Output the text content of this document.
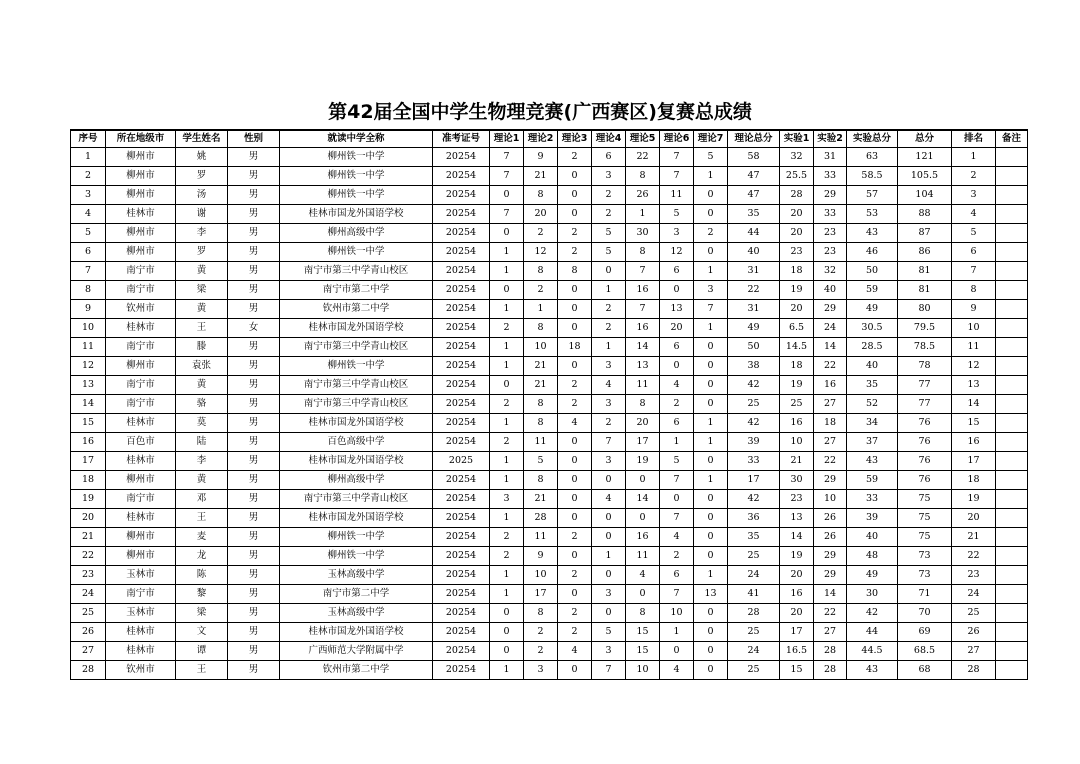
第42届全国中学生物理竞赛(广西赛区)复赛总成绩
序号	所在地级市	学生姓名	性别	就读中学全称	准考证号	理论1	理论2	理论3	理论4	理论5	理论6	理论7	理论总分	实验1	实验2	实验总分	总分	排名	备注
1	柳州市	姚	男	柳州铁一中学	20254	7	9	2	6	22	7	5	58	32	31	63	121	1	
2	柳州市	罗	男	柳州铁一中学	20254	7	21	0	3	8	7	1	47	25.5	33	58.5	105.5	2	
3	柳州市	汤	男	柳州铁一中学	20254	0	8	0	2	26	11	0	47	28	29	57	104	3	
4	桂林市	谢	男	桂林市国龙外国语学校	20254	7	20	0	2	1	5	0	35	20	33	53	88	4	
5	柳州市	李	男	柳州高级中学	20254	0	2	2	5	30	3	2	44	20	23	43	87	5	
6	柳州市	罗	男	柳州铁一中学	20254	1	12	2	5	8	12	0	40	23	23	46	86	6	
7	南宁市	黄	男	南宁市第三中学青山校区	20254	1	8	8	0	7	6	1	31	18	32	50	81	7	
8	南宁市	梁	男	南宁市第二中学	20254	0	2	0	1	16	0	3	22	19	40	59	81	8	
9	钦州市	黄	男	钦州市第二中学	20254	1	1	0	2	7	13	7	31	20	29	49	80	9	
10	桂林市	王	女	桂林市国龙外国语学校	20254	2	8	0	2	16	20	1	49	6.5	24	30.5	79.5	10	
11	南宁市	滕	男	南宁市第三中学青山校区	20254	1	10	18	1	14	6	0	50	14.5	14	28.5	78.5	11	
12	柳州市	袁张	男	柳州铁一中学	20254	1	21	0	3	13	0	0	38	18	22	40	78	12	
13	南宁市	黄	男	南宁市第三中学青山校区	20254	0	21	2	4	11	4	0	42	19	16	35	77	13	
14	南宁市	骆	男	南宁市第三中学青山校区	20254	2	8	2	3	8	2	0	25	25	27	52	77	14	
15	桂林市	莫	男	桂林市国龙外国语学校	20254	1	8	4	2	20	6	1	42	16	18	34	76	15	
16	百色市	陆	男	百色高级中学	20254	2	11	0	7	17	1	1	39	10	27	37	76	16	
17	桂林市	李	男	桂林市国龙外国语学校	2025	1	5	0	3	19	5	0	33	21	22	43	76	17	
18	柳州市	黄	男	柳州高级中学	20254	1	8	0	0	0	7	1	17	30	29	59	76	18	
19	南宁市	邓	男	南宁市第三中学青山校区	20254	3	21	0	4	14	0	0	42	23	10	33	75	19	
20	桂林市	王	男	桂林市国龙外国语学校	20254	1	28	0	0	0	7	0	36	13	26	39	75	20	
21	柳州市	麦	男	柳州铁一中学	20254	2	11	2	0	16	4	0	35	14	26	40	75	21	
22	柳州市	龙	男	柳州铁一中学	20254	2	9	0	1	11	2	0	25	19	29	48	73	22	
23	玉林市	陈	男	玉林高级中学	20254	1	10	2	0	4	6	1	24	20	29	49	73	23	
24	南宁市	黎	男	南宁市第二中学	20254	1	17	0	3	0	7	13	41	16	14	30	71	24	
25	玉林市	梁	男	玉林高级中学	20254	0	8	2	0	8	10	0	28	20	22	42	70	25	
26	桂林市	文	男	桂林市国龙外国语学校	20254	0	2	2	5	15	1	0	25	17	27	44	69	26	
27	桂林市	谭	男	广西师范大学附属中学	20254	0	2	4	3	15	0	0	24	16.5	28	44.5	68.5	27	
28	钦州市	王	男	钦州市第二中学	20254	1	3	0	7	10	4	0	25	15	28	43	68	28	
